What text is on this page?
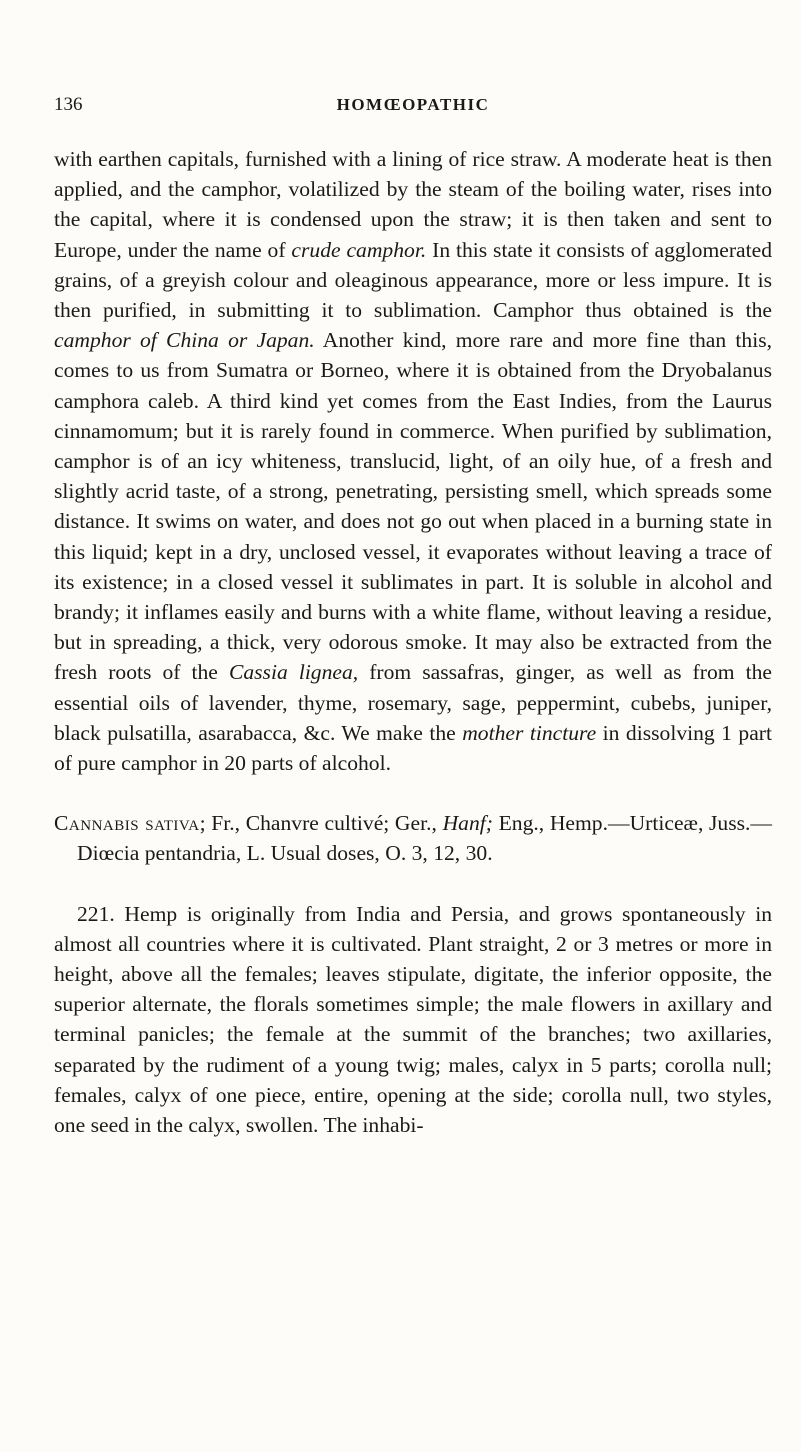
136	HOMŒOPATHIC

with earthen capitals, furnished with a lining of rice straw. A moderate heat is then applied, and the camphor, volatilized by the steam of the boiling water, rises into the capital, where it is condensed upon the straw; it is then taken and sent to Europe, under the name of crude camphor. In this state it consists of agglomerated grains, of a greyish colour and oleaginous appearance, more or less impure. It is then purified, in submitting it to sublimation. Camphor thus obtained is the camphor of China or Japan. Another kind, more rare and more fine than this, comes to us from Sumatra or Borneo, where it is obtained from the Dryobalanus camphora caleb. A third kind yet comes from the East Indies, from the Laurus cinnamomum; but it is rarely found in commerce. When purified by sublimation, camphor is of an icy whiteness, translucid, light, of an oily hue, of a fresh and slightly acrid taste, of a strong, penetrating, persisting smell, which spreads some distance. It swims on water, and does not go out when placed in a burning state in this liquid; kept in a dry, unclosed vessel, it evaporates without leaving a trace of its existence; in a closed vessel it sublimates in part. It is soluble in alcohol and brandy; it inflames easily and burns with a white flame, without leaving a residue, but in spreading, a thick, very odorous smoke. It may also be extracted from the fresh roots of the Cassia lignea, from sassafras, ginger, as well as from the essential oils of lavender, thyme, rosemary, sage, peppermint, cubebs, juniper, black pulsatilla, asarabacca, &c. We make the mother tincture in dissolving 1 part of pure camphor in 20 parts of alcohol.

Cannabis sativa; Fr., Chanvre cultivé; Ger., Hanf; Eng., Hemp.—Urticeæ, Juss.—Diœcia pentandria, L. Usual doses, O. 3, 12, 30.

221. Hemp is originally from India and Persia, and grows spontaneously in almost all countries where it is cultivated. Plant straight, 2 or 3 metres or more in height, above all the females; leaves stipulate, digitate, the inferior opposite, the superior alternate, the florals sometimes simple; the male flowers in axillary and terminal panicles; the female at the summit of the branches; two axillaries, separated by the rudiment of a young twig; males, calyx in 5 parts; corolla null; females, calyx of one piece, entire, opening at the side; corolla null, two styles, one seed in the calyx, swollen. The inhabi-
